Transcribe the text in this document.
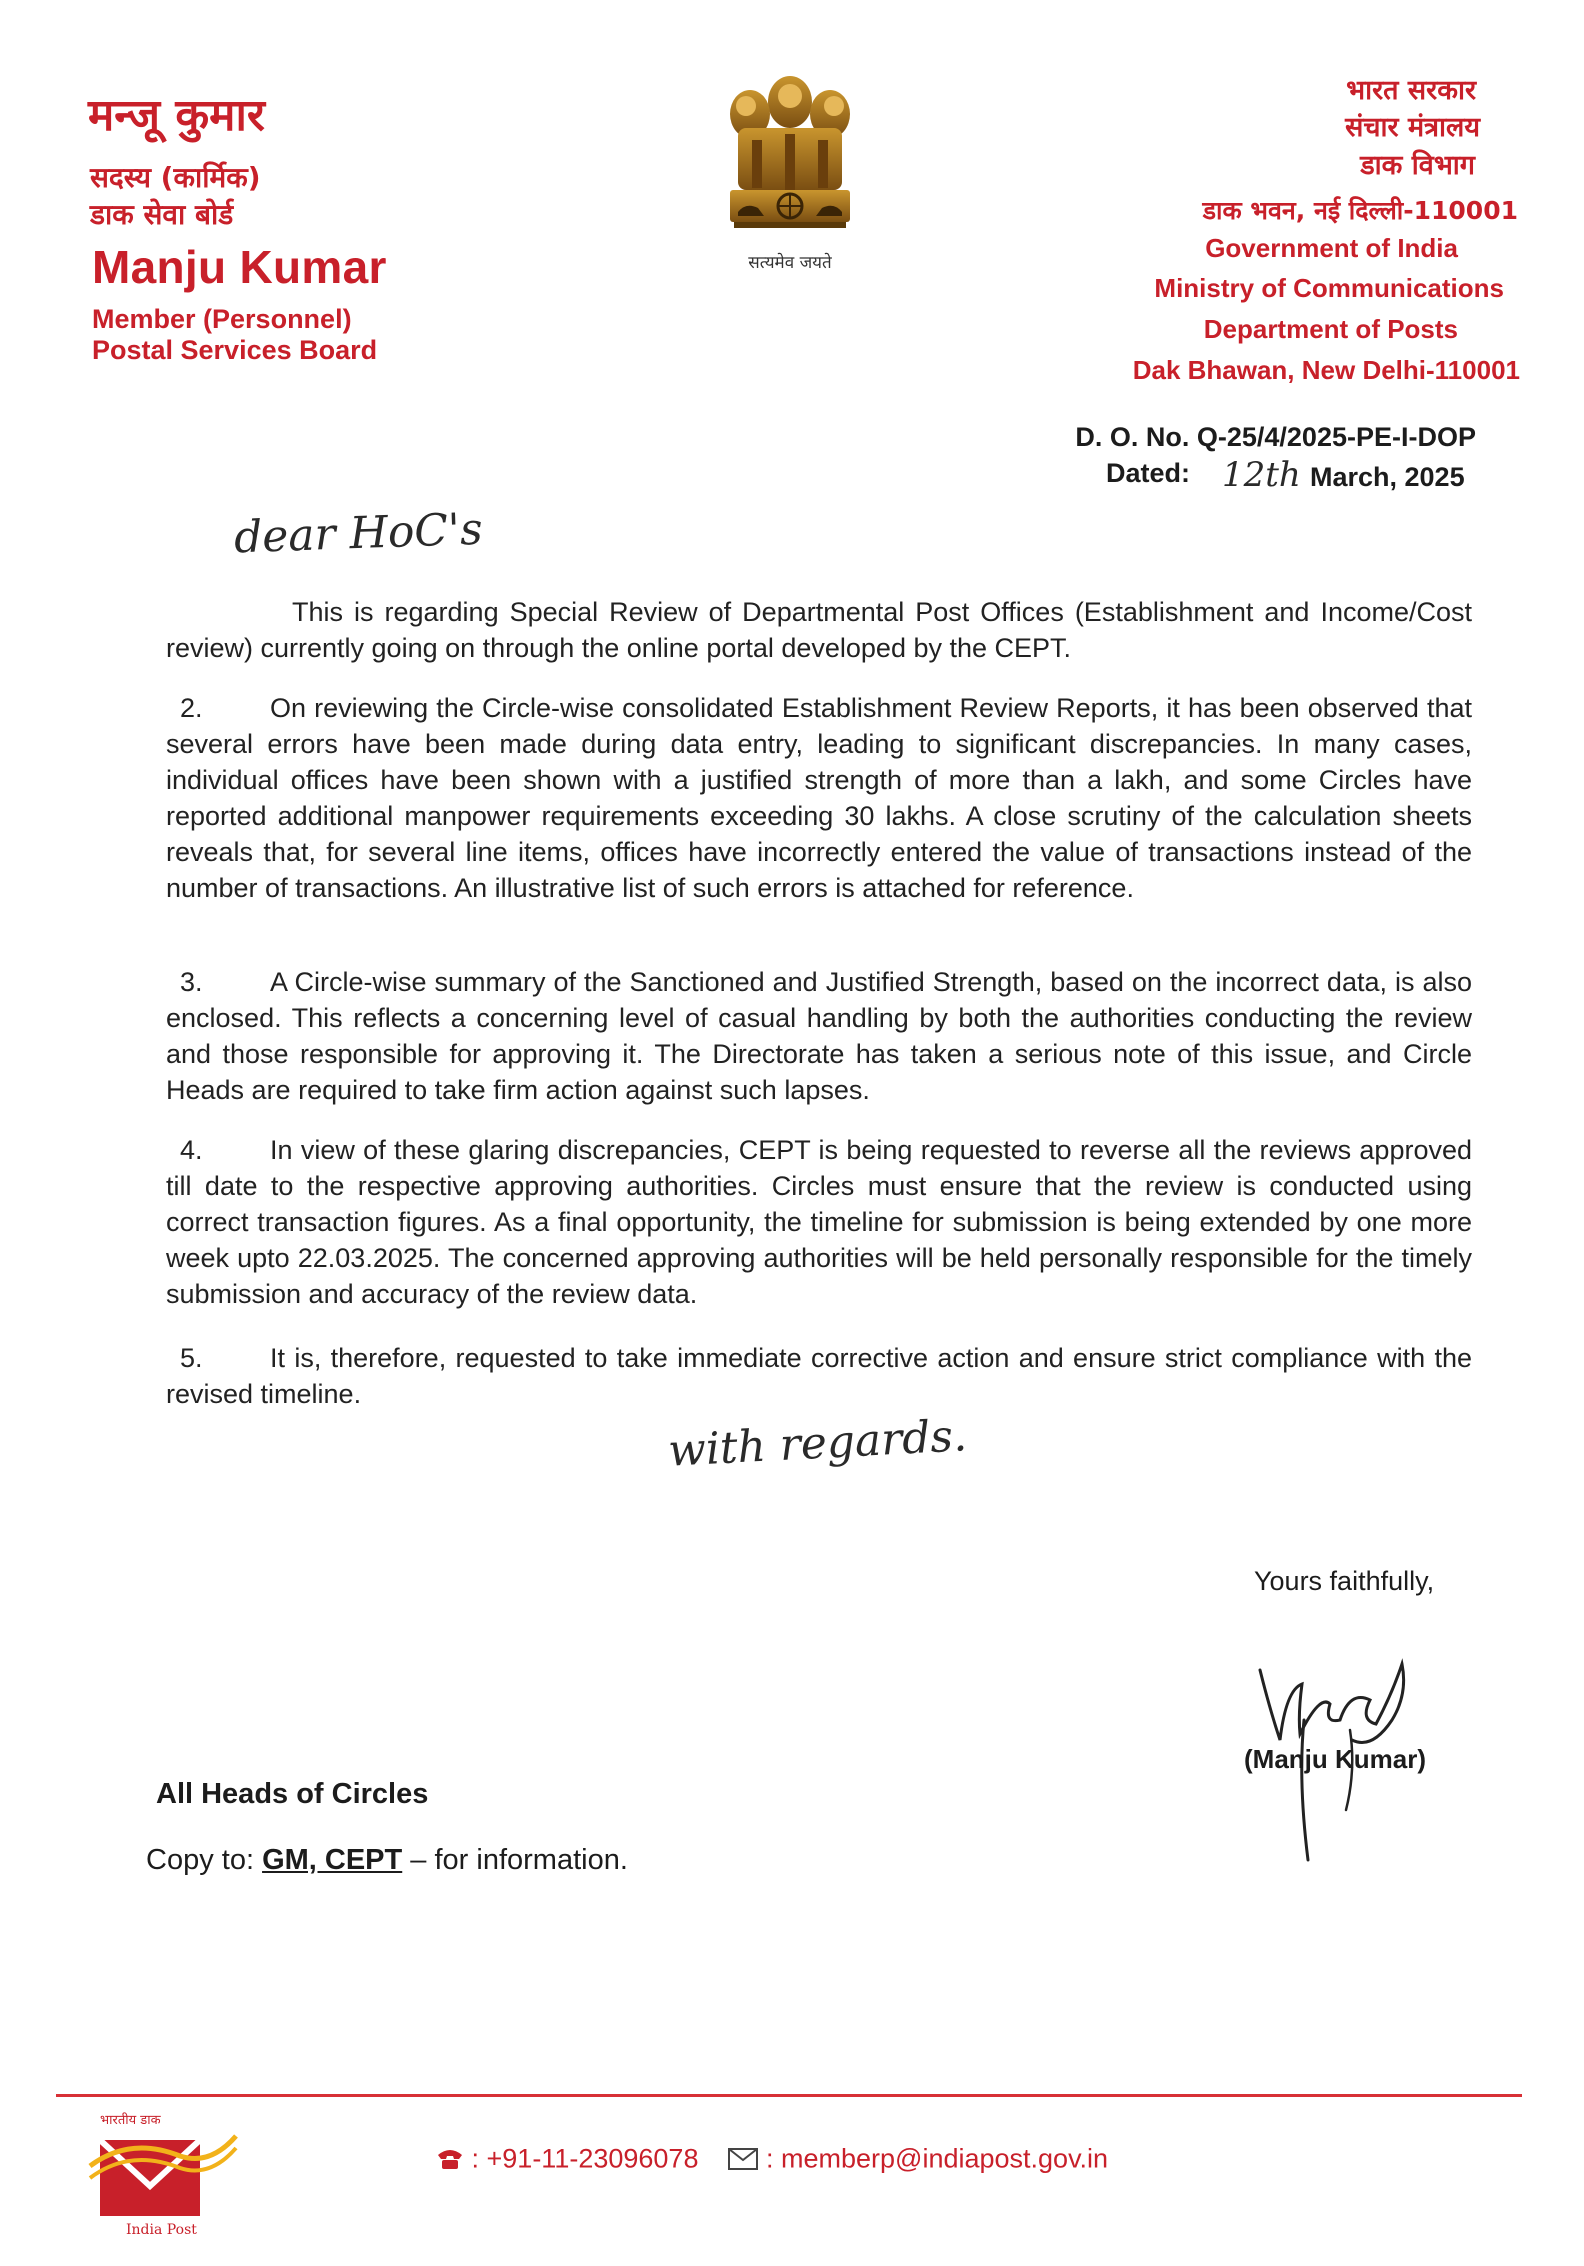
मन्जू कुमार
सदस्य (कार्मिक)
डाक सेवा बोर्ड
Manju Kumar
Member (Personnel)
Postal Services Board
सत्यमेव जयते
भारत सरकार
संचार मंत्रालय
डाक विभाग
डाक भवन, नई दिल्ली-110001
Government of India
Ministry of Communications
Department of Posts
Dak Bhawan, New Delhi-110001
D. O. No. Q-25/4/2025-PE-I-DOP
Dated: 12th March, 2025
dear HoC's
This is regarding Special Review of Departmental Post Offices (Establishment and Income/Cost review) currently going on through the online portal developed by the CEPT.
2. On reviewing the Circle-wise consolidated Establishment Review Reports, it has been observed that several errors have been made during data entry, leading to significant discrepancies. In many cases, individual offices have been shown with a justified strength of more than a lakh, and some Circles have reported additional manpower requirements exceeding 30 lakhs. A close scrutiny of the calculation sheets reveals that, for several line items, offices have incorrectly entered the value of transactions instead of the number of transactions. An illustrative list of such errors is attached for reference.
3. A Circle-wise summary of the Sanctioned and Justified Strength, based on the incorrect data, is also enclosed. This reflects a concerning level of casual handling by both the authorities conducting the review and those responsible for approving it. The Directorate has taken a serious note of this issue, and Circle Heads are required to take firm action against such lapses.
4. In view of these glaring discrepancies, CEPT is being requested to reverse all the reviews approved till date to the respective approving authorities. Circles must ensure that the review is conducted using correct transaction figures. As a final opportunity, the timeline for submission is being extended by one more week upto 22.03.2025. The concerned approving authorities will be held personally responsible for the timely submission and accuracy of the review data.
5. It is, therefore, requested to take immediate corrective action and ensure strict compliance with the revised timeline.
with regards.
Yours faithfully,
(Manju Kumar)
All Heads of Circles
Copy to: GM, CEPT – for information.
भारतीय डाक
India Post
: +91-11-23096078	: memberp@indiapost.gov.in
